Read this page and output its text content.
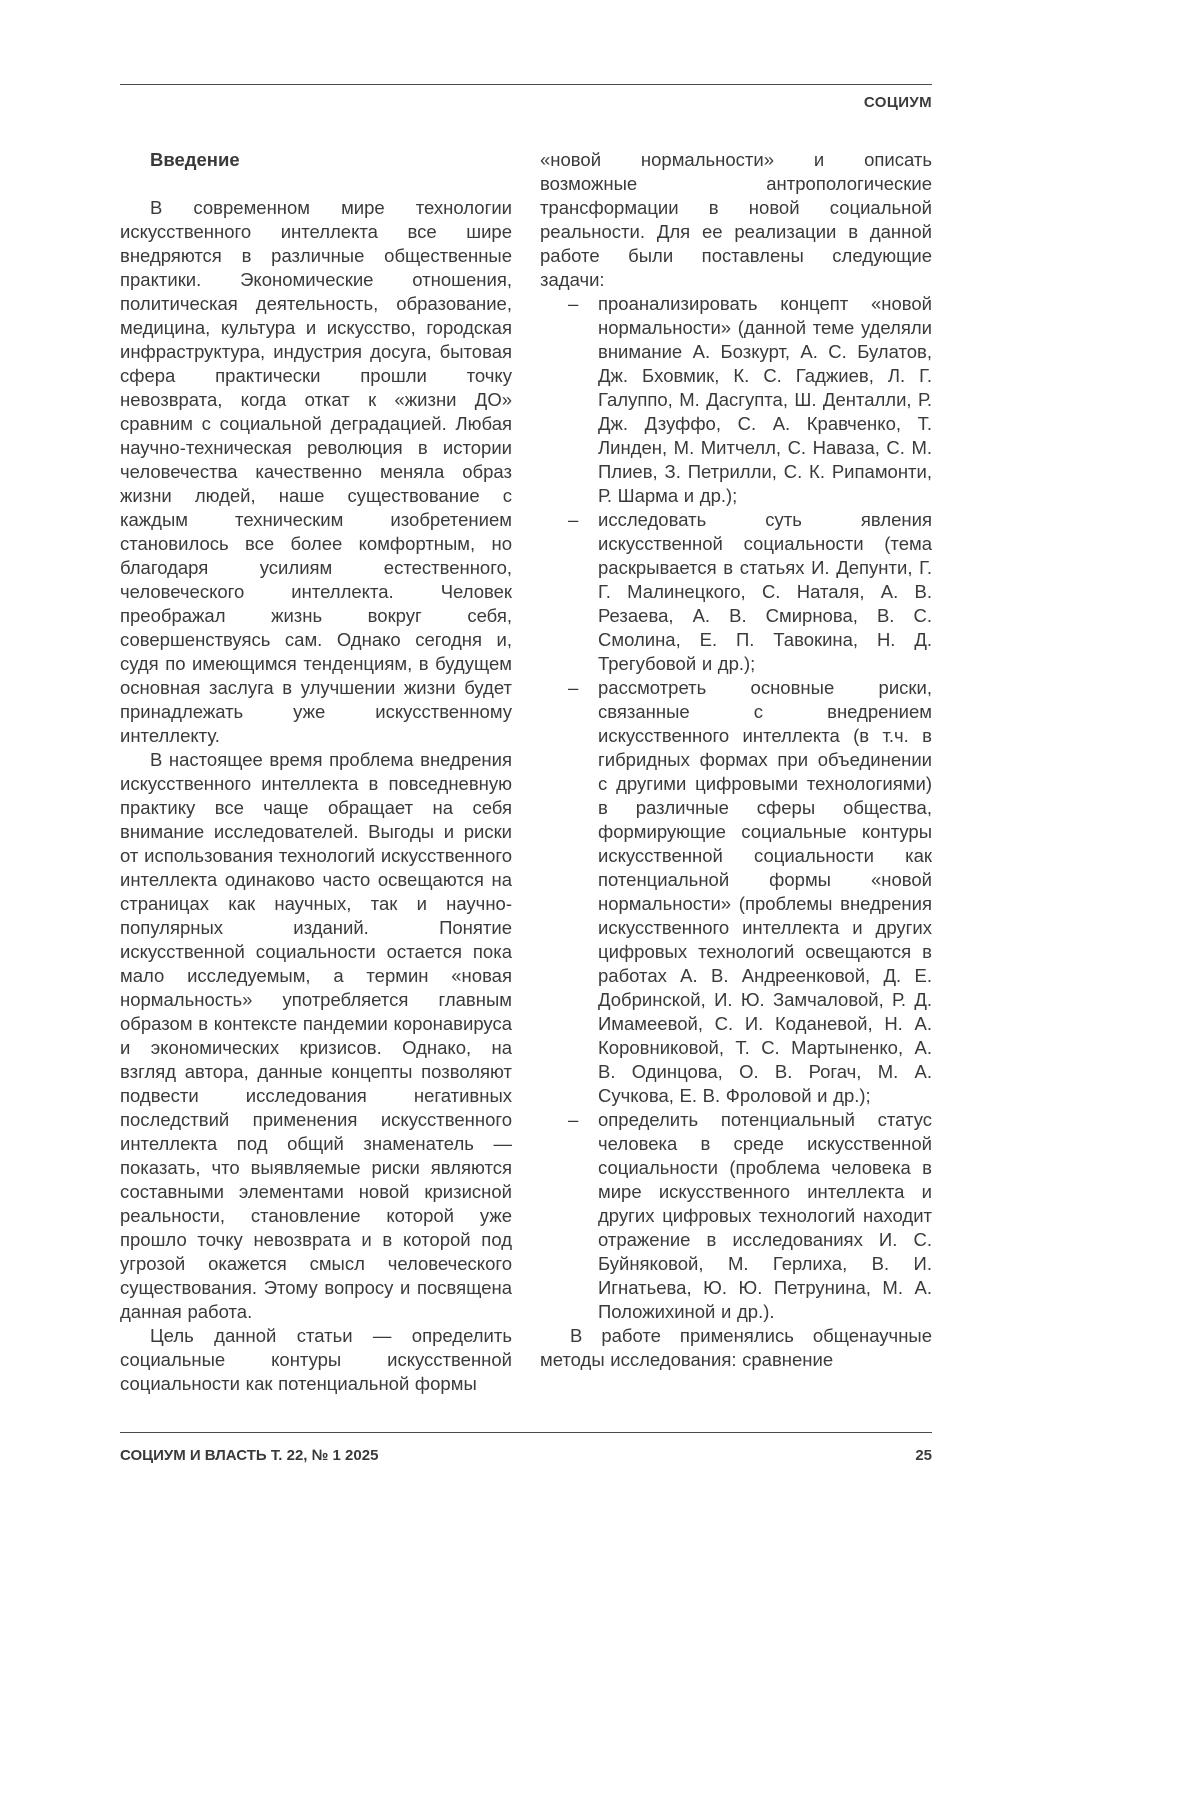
СОЦИУМ
Введение

В современном мире технологии искусственного интеллекта все шире внедряются в различные общественные практики. Экономические отношения, политическая деятельность, образование, медицина, культура и искусство, городская инфраструктура, индустрия досуга, бытовая сфера практически прошли точку невозврата, когда откат к «жизни ДО» сравним с социальной деградацией. Любая научно-техническая революция в истории человечества качественно меняла образ жизни людей, наше существование с каждым техническим изобретением становилось все более комфортным, но благодаря усилиям естественного, человеческого интеллекта. Человек преображал жизнь вокруг себя, совершенствуясь сам. Однако сегодня и, судя по имеющимся тенденциям, в будущем основная заслуга в улучшении жизни будет принадлежать уже искусственному интеллекту.

В настоящее время проблема внедрения искусственного интеллекта в повседневную практику все чаще обращает на себя внимание исследователей. Выгоды и риски от использования технологий искусственного интеллекта одинаково часто освещаются на страницах как научных, так и научно-популярных изданий. Понятие искусственной социальности остается пока мало исследуемым, а термин «новая нормальность» употребляется главным образом в контексте пандемии коронавируса и экономических кризисов. Однако, на взгляд автора, данные концепты позволяют подвести исследования негативных последствий применения искусственного интеллекта под общий знаменатель — показать, что выявляемые риски являются составными элементами новой кризисной реальности, становление которой уже прошло точку невозврата и в которой под угрозой окажется смысл человеческого существования. Этому вопросу и посвящена данная работа.

Цель данной статьи — определить социальные контуры искусственной социальности как потенциальной формы

«новой нормальности» и описать возможные антропологические трансформации в новой социальной реальности. Для ее реализации в данной работе были поставлены следующие задачи:

– проанализировать концепт «новой нормальности» (данной теме уделяли внимание А. Бозкурт, А. С. Булатов, Дж. Бховмик, К. С. Гаджиев, Л. Г. Галуппо, М. Дасгупта, Ш. Денталли, Р. Дж. Дзуффо, С. А. Кравченко, Т. Линден, М. Митчелл, С. Наваза, С. М. Плиев, З. Петрилли, С. К. Рипамонти, Р. Шарма и др.);
– исследовать суть явления искусственной социальности (тема раскрывается в статьях И. Депунти, Г. Г. Малинецкого, С. Наталя, А. В. Резаева, А. В. Смирнова, В. С. Смолина, Е. П. Тавокина, Н. Д. Трегубовой и др.);
– рассмотреть основные риски, связанные с внедрением искусственного интеллекта (в т.ч. в гибридных формах при объединении с другими цифровыми технологиями) в различные сферы общества, формирующие социальные контуры искусственной социальности как потенциальной формы «новой нормальности» (проблемы внедрения искусственного интеллекта и других цифровых технологий освещаются в работах А. В. Андреенковой, Д. Е. Добринской, И. Ю. Замчаловой, Р. Д. Имамеевой, С. И. Коданевой, Н. А. Коровниковой, Т. С. Мартыненко, А. В. Одинцова, О. В. Рогач, М. А. Сучкова, Е. В. Фроловой и др.);
– определить потенциальный статус человека в среде искусственной социальности (проблема человека в мире искусственного интеллекта и других цифровых технологий находит отражение в исследованиях И. С. Буйняковой, М. Герлиха, В. И. Игнатьева, Ю. Ю. Петрунина, М. А. Положихиной и др.).

В работе применялись общенаучные методы исследования: сравнение

СОЦИУМ И ВЛАСТЬ Т. 22, № 1 2025	25
